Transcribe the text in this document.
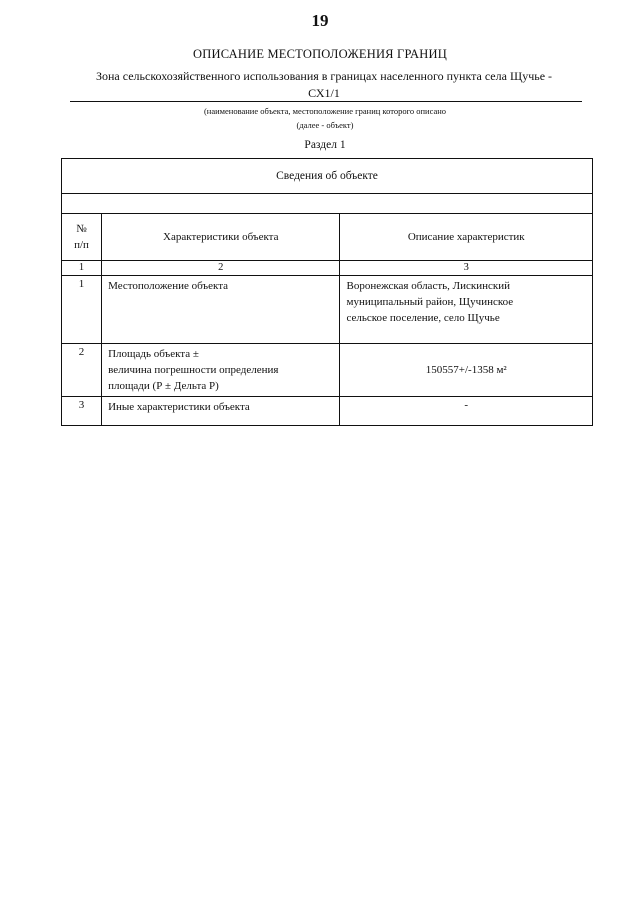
19
ОПИСАНИЕ МЕСТОПОЛОЖЕНИЯ ГРАНИЦ
Зона сельскохозяйственного использования в границах населенного пункта села Щучье -
СХ1/1
(наименование объекта, местоположение границ которого описано
(далее - объект)
Раздел 1
Сведения об объекте		

№
п/п	Характеристики объекта	Описание характеристик
1	2	3
1	Местоположение объекта	Воронежская область, Лискинский
муниципальный район, Щучинское
сельское поселение, село Щучье

2	Площадь объекта ±
величина погрешности определения
площади (Р ± Дельта Р)	150557+/-1358 м²

3	Иные характеристики объекта	-
